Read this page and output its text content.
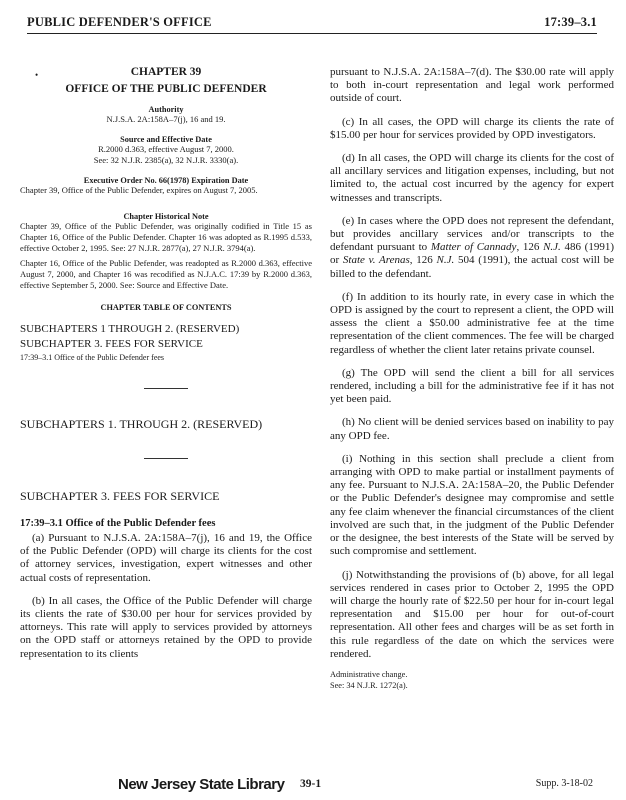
PUBLIC DEFENDER'S OFFICE	17:39–3.1
•	CHAPTER 39
OFFICE OF THE PUBLIC DEFENDER
Authority
N.J.S.A. 2A:158A–7(j), 16 and 19.
Source and Effective Date
R.2000 d.363, effective August 7, 2000.
See: 32 N.J.R. 2385(a), 32 N.J.R. 3330(a).
Executive Order No. 66(1978) Expiration Date
Chapter 39, Office of the Public Defender, expires on August 7, 2005.
Chapter Historical Note
Chapter 39, Office of the Public Defender, was originally codified in Title 15 as Chapter 16, Office of the Public Defender. Chapter 16 was adopted as R.1995 d.533, effective October 2, 1995. See: 27 N.J.R. 2877(a), 27 N.J.R. 3794(a).
Chapter 16, Office of the Public Defender, was readopted as R.2000 d.363, effective August 7, 2000, and Chapter 16 was recodified as N.J.A.C. 17:39 by R.2000 d.363, effective September 5, 2000. See: Source and Effective Date.
CHAPTER TABLE OF CONTENTS
SUBCHAPTERS 1 THROUGH 2. (RESERVED)
SUBCHAPTER 3. FEES FOR SERVICE
17:39–3.1 Office of the Public Defender fees
SUBCHAPTERS 1. THROUGH 2. (RESERVED)
SUBCHAPTER 3. FEES FOR SERVICE
17:39–3.1 Office of the Public Defender fees

(a) Pursuant to N.J.S.A. 2A:158A–7(j), 16 and 19, the Office of the Public Defender (OPD) will charge its clients for the cost of attorney services, investigation, expert witnesses and other actual costs of representation.

(b) In all cases, the Office of the Public Defender will charge its clients the rate of $30.00 per hour for services provided by attorneys. This rate will apply to services provided by attorneys on the OPD staff or attorneys retained by the OPD to provide representation to its clients

pursuant to N.J.S.A. 2A:158A–7(d). The $30.00 rate will apply to both in-court representation and legal work performed outside of court.

(c) In all cases, the OPD will charge its clients the rate of $15.00 per hour for services provided by OPD investigators.

(d) In all cases, the OPD will charge its clients for the cost of all ancillary services and litigation expenses, including, but not limited to, the actual cost incurred by the agency for expert witnesses and transcripts.

(e) In cases where the OPD does not represent the defendant, but provides ancillary services and/or transcripts to the defendant pursuant to Matter of Cannady, 126 N.J. 486 (1991) or State v. Arenas, 126 N.J. 504 (1991), the actual cost will be billed to the defendant.

(f) In addition to its hourly rate, in every case in which the OPD is assigned by the court to represent a client, the OPD will assess the client a $50.00 administrative fee at the time representation of the client commences. The fee will be charged regardless of whether the client later retains private counsel.

(g) The OPD will send the client a bill for all services rendered, including a bill for the administrative fee if it has not yet been paid.

(h) No client will be denied services based on inability to pay any OPD fee.

(i) Nothing in this section shall preclude a client from arranging with OPD to make partial or installment payments of any fee. Pursuant to N.J.S.A. 2A:158A–20, the Public Defender or the Public Defender's designee may compromise and settle any fee claim whenever the financial circumstances of the client involved are such that, in the judgment of the Public Defender or the designee, the best interests of the State will be served by such compromise and settlement.

(j) Notwithstanding the provisions of (b) above, for all legal services rendered in cases prior to October 2, 1995 the OPD will charge the hourly rate of $22.50 per hour for in-court legal representation and $15.00 per hour for out-of-court representation. All other fees and charges will be as set forth in this rule regardless of the date on which the services were rendered.

Administrative change.
See: 34 N.J.R. 1272(a).
New Jersey State Library 39-1	Supp. 3-18-02
